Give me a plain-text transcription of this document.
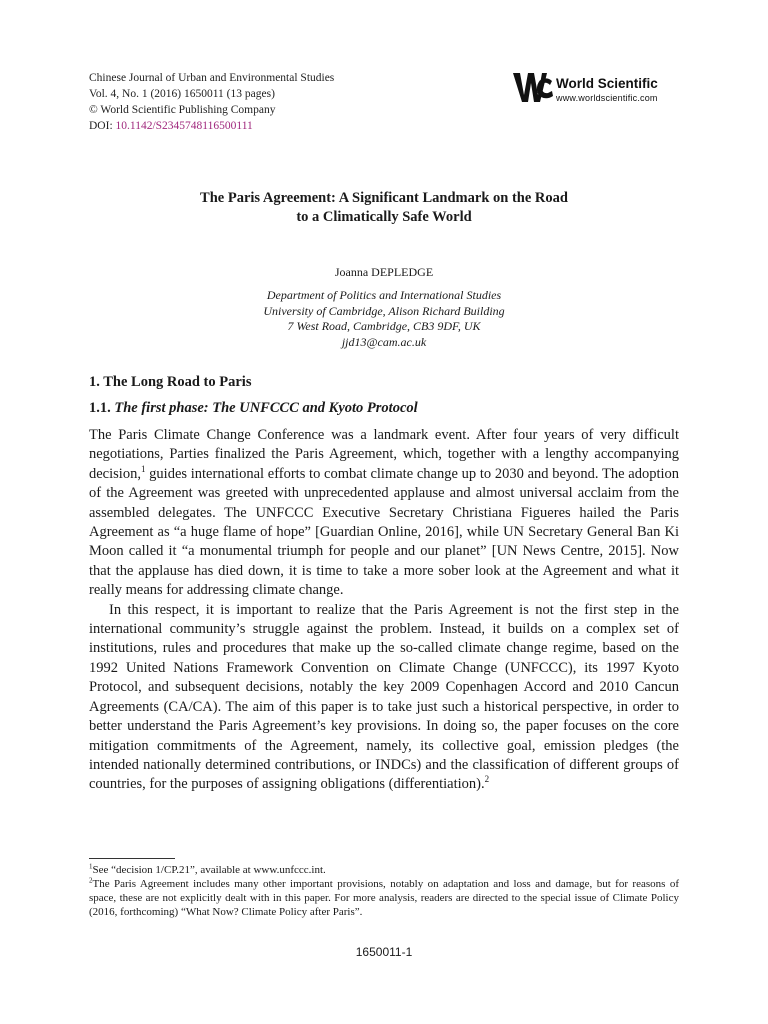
Chinese Journal of Urban and Environmental Studies
Vol. 4, No. 1 (2016) 1650011 (13 pages)
© World Scientific Publishing Company
DOI: 10.1142/S2345748116500111
World Scientific
www.worldscientific.com
The Paris Agreement: A Significant Landmark on the Road
to a Climatically Safe World
Joanna DEPLEDGE
Department of Politics and International Studies
University of Cambridge, Alison Richard Building
7 West Road, Cambridge, CB3 9DF, UK
jjd13@cam.ac.uk
1. The Long Road to Paris
1.1. The first phase: The UNFCCC and Kyoto Protocol

The Paris Climate Change Conference was a landmark event. After four years of very difficult negotiations, Parties finalized the Paris Agreement, which, together with a lengthy accompanying decision,$^1$ guides international efforts to combat climate change up to 2030 and beyond. The adoption of the Agreement was greeted with unprecedented applause and almost universal acclaim from the assembled delegates. The UNFCCC Executive Secretary Christiana Figueres hailed the Paris Agreement as “a huge flame of hope” [Guardian Online, 2016], while UN Secretary General Ban Ki Moon called it “a monumental triumph for people and our planet” [UN News Centre, 2015]. Now that the applause has died down, it is time to take a more sober look at the Agreement and what it really means for addressing climate change.

In this respect, it is important to realize that the Paris Agreement is not the first step in the international community’s struggle against the problem. Instead, it builds on a complex set of institutions, rules and procedures that make up the so-called climate change regime, based on the 1992 United Nations Framework Convention on Climate Change (UNFCCC), its 1997 Kyoto Protocol, and subsequent decisions, notably the key 2009 Copenhagen Accord and 2010 Cancun Agreements (CA/CA). The aim of this paper is to take just such a historical perspective, in order to better understand the Paris Agreement’s key provisions. In doing so, the paper focuses on the core mitigation commitments of the Agreement, namely, its collective goal, emission pledges (the intended nationally determined contributions, or INDCs) and the classification of different groups of countries, for the purposes of assigning obligations (differentiation).$^2$

$^1$See “decision 1/CP.21”, available at www.unfccc.int.

$^2$The Paris Agreement includes many other important provisions, notably on adaptation and loss and damage, but for reasons of space, these are not explicitly dealt with in this paper. For more analysis, readers are directed to the special issue of Climate Policy (2016, forthcoming) “What Now? Climate Policy after Paris”.

1650011-1
